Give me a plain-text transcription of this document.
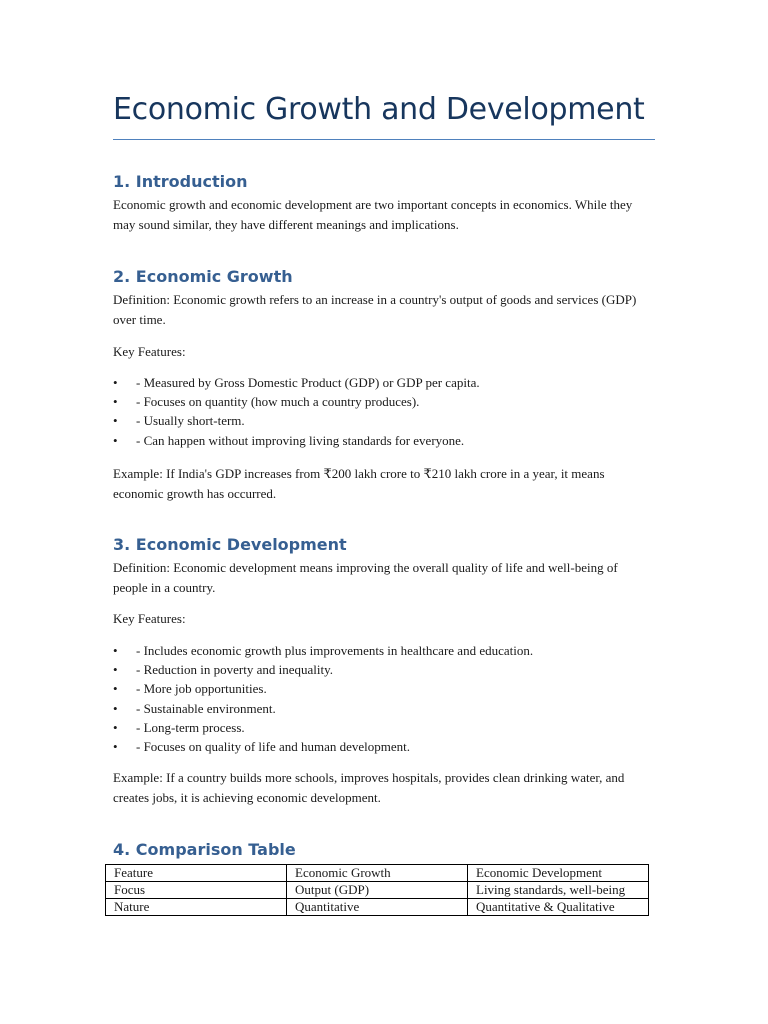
Economic Growth and Development
1. Introduction

Economic growth and economic development are two important concepts in economics. While they may sound similar, they have different meanings and implications.

2. Economic Growth

Definition: Economic growth refers to an increase in a country's output of goods and services (GDP) over time.

Key Features:

• - Measured by Gross Domestic Product (GDP) or GDP per capita.
• - Focuses on quantity (how much a country produces).
• - Usually short-term.
• - Can happen without improving living standards for everyone.

Example: If India's GDP increases from ₹200 lakh crore to ₹210 lakh crore in a year, it means economic growth has occurred.

3. Economic Development

Definition: Economic development means improving the overall quality of life and well-being of people in a country.

Key Features:

• - Includes economic growth plus improvements in healthcare and education.
• - Reduction in poverty and inequality.
• - More job opportunities.
• - Sustainable environment.
• - Long-term process.
• - Focuses on quality of life and human development.

Example: If a country builds more schools, improves hospitals, provides clean drinking water, and creates jobs, it is achieving economic development.

4. Comparison Table
Feature	Economic Growth	Economic Development
Focus	Output (GDP)	Living standards, well-being
Nature	Quantitative	Quantitative & Qualitative
